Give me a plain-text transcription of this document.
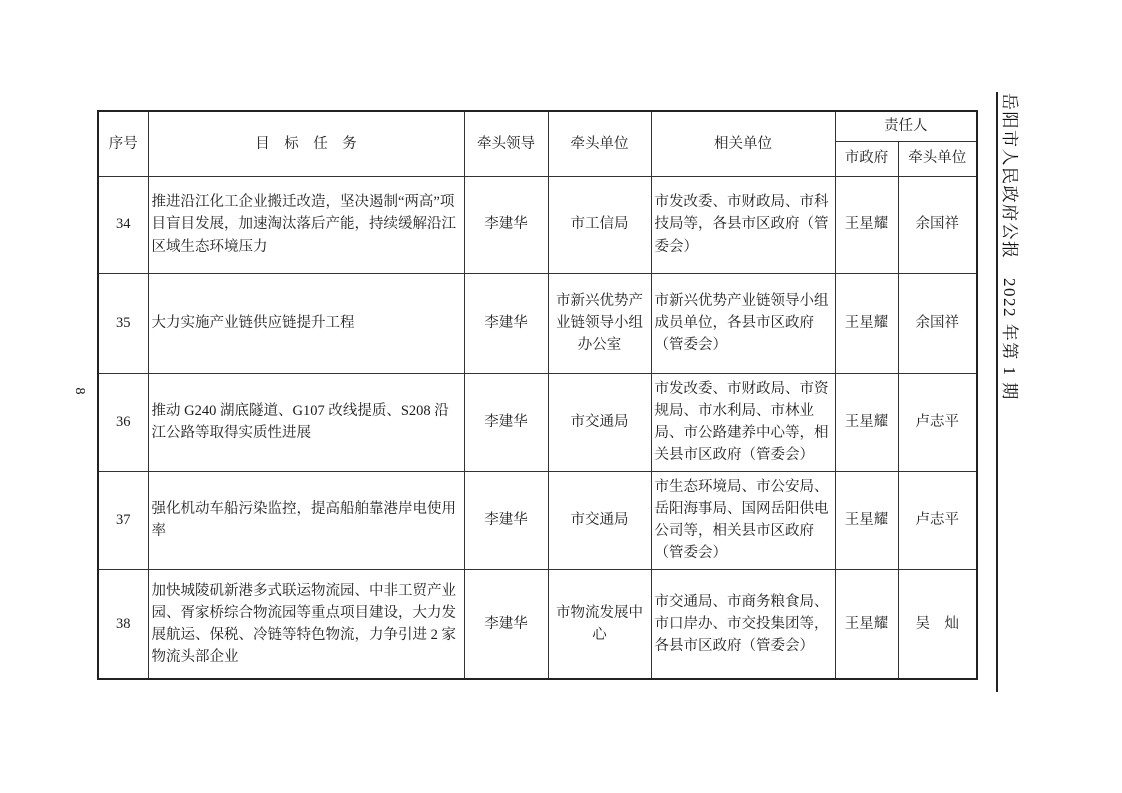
8
序号	目　标　任　务	牵头领导	牵头单位	相关单位	责任人	
					市政府	牵头单位
34	推进沿江化工企业搬迁改造，坚决遏制“两高”项目盲目发展，加速淘汰落后产能，持续缓解沿江区域生态环境压力	李建华	市工信局	市发改委、市财政局、市科技局等，各县市区政府（管委会）	王星耀	余国祥
35	大力实施产业链供应链提升工程	李建华	市新兴优势产业链领导小组办公室	市新兴优势产业链领导小组成员单位，各县市区政府（管委会）	王星耀	余国祥
36	推动 G240 湖底隧道、G107 改线提质、S208 沿江公路等取得实质性进展	李建华	市交通局	市发改委、市财政局、市资规局、市水利局、市林业局、市公路建养中心等，相关县市区政府（管委会）	王星耀	卢志平
37	强化机动车船污染监控，提高船舶靠港岸电使用率	李建华	市交通局	市生态环境局、市公安局、岳阳海事局、国网岳阳供电公司等，相关县市区政府（管委会）	王星耀	卢志平
38	加快城陵矶新港多式联运物流园、中非工贸产业园、胥家桥综合物流园等重点项目建设，大力发展航运、保税、冷链等特色物流，力争引进 2 家物流头部企业	李建华	市物流发展中心	市交通局、市商务粮食局、市口岸办、市交投集团等，各县市区政府（管委会）	王星耀	吴　灿
岳阳市人民政府公报　2022 年第 1 期
